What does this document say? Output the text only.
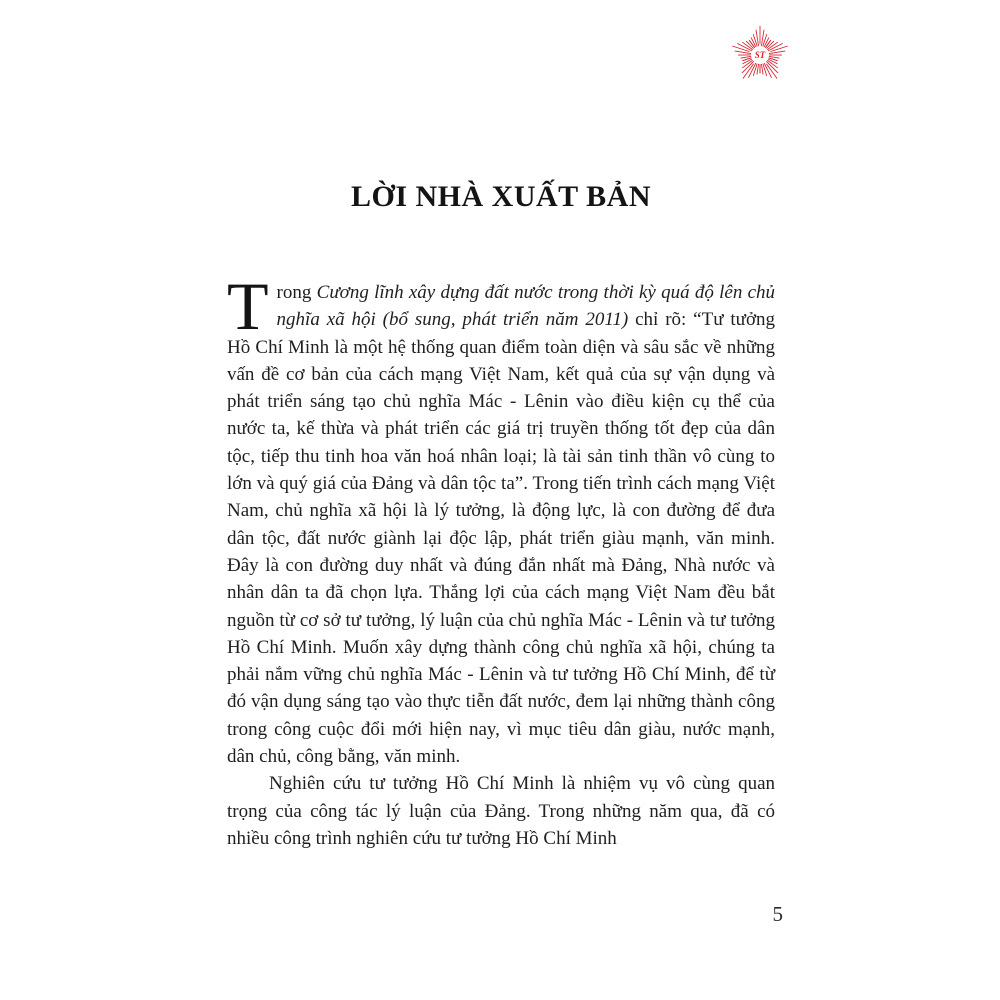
ST
LỜI NHÀ XUẤT BẢN

Trong Cương lĩnh xây dựng đất nước trong thời kỳ quá độ lên chủ nghĩa xã hội (bổ sung, phát triển năm 2011) chỉ rõ: “Tư tưởng Hồ Chí Minh là một hệ thống quan điểm toàn diện và sâu sắc về những vấn đề cơ bản của cách mạng Việt Nam, kết quả của sự vận dụng và phát triển sáng tạo chủ nghĩa Mác - Lênin vào điều kiện cụ thể của nước ta, kế thừa và phát triển các giá trị truyền thống tốt đẹp của dân tộc, tiếp thu tinh hoa văn hoá nhân loại; là tài sản tinh thần vô cùng to lớn và quý giá của Đảng và dân tộc ta”. Trong tiến trình cách mạng Việt Nam, chủ nghĩa xã hội là lý tưởng, là động lực, là con đường để đưa dân tộc, đất nước giành lại độc lập, phát triển giàu mạnh, văn minh. Đây là con đường duy nhất và đúng đắn nhất mà Đảng, Nhà nước và nhân dân ta đã chọn lựa. Thắng lợi của cách mạng Việt Nam đều bắt nguồn từ cơ sở tư tưởng, lý luận của chủ nghĩa Mác - Lênin và tư tưởng Hồ Chí Minh. Muốn xây dựng thành công chủ nghĩa xã hội, chúng ta phải nắm vững chủ nghĩa Mác - Lênin và tư tưởng Hồ Chí Minh, để từ đó vận dụng sáng tạo vào thực tiễn đất nước, đem lại những thành công trong công cuộc đổi mới hiện nay, vì mục tiêu dân giàu, nước mạnh, dân chủ, công bằng, văn minh.

Nghiên cứu tư tưởng Hồ Chí Minh là nhiệm vụ vô cùng quan trọng của công tác lý luận của Đảng. Trong những năm qua, đã có nhiều công trình nghiên cứu tư tưởng Hồ Chí Minh

5
